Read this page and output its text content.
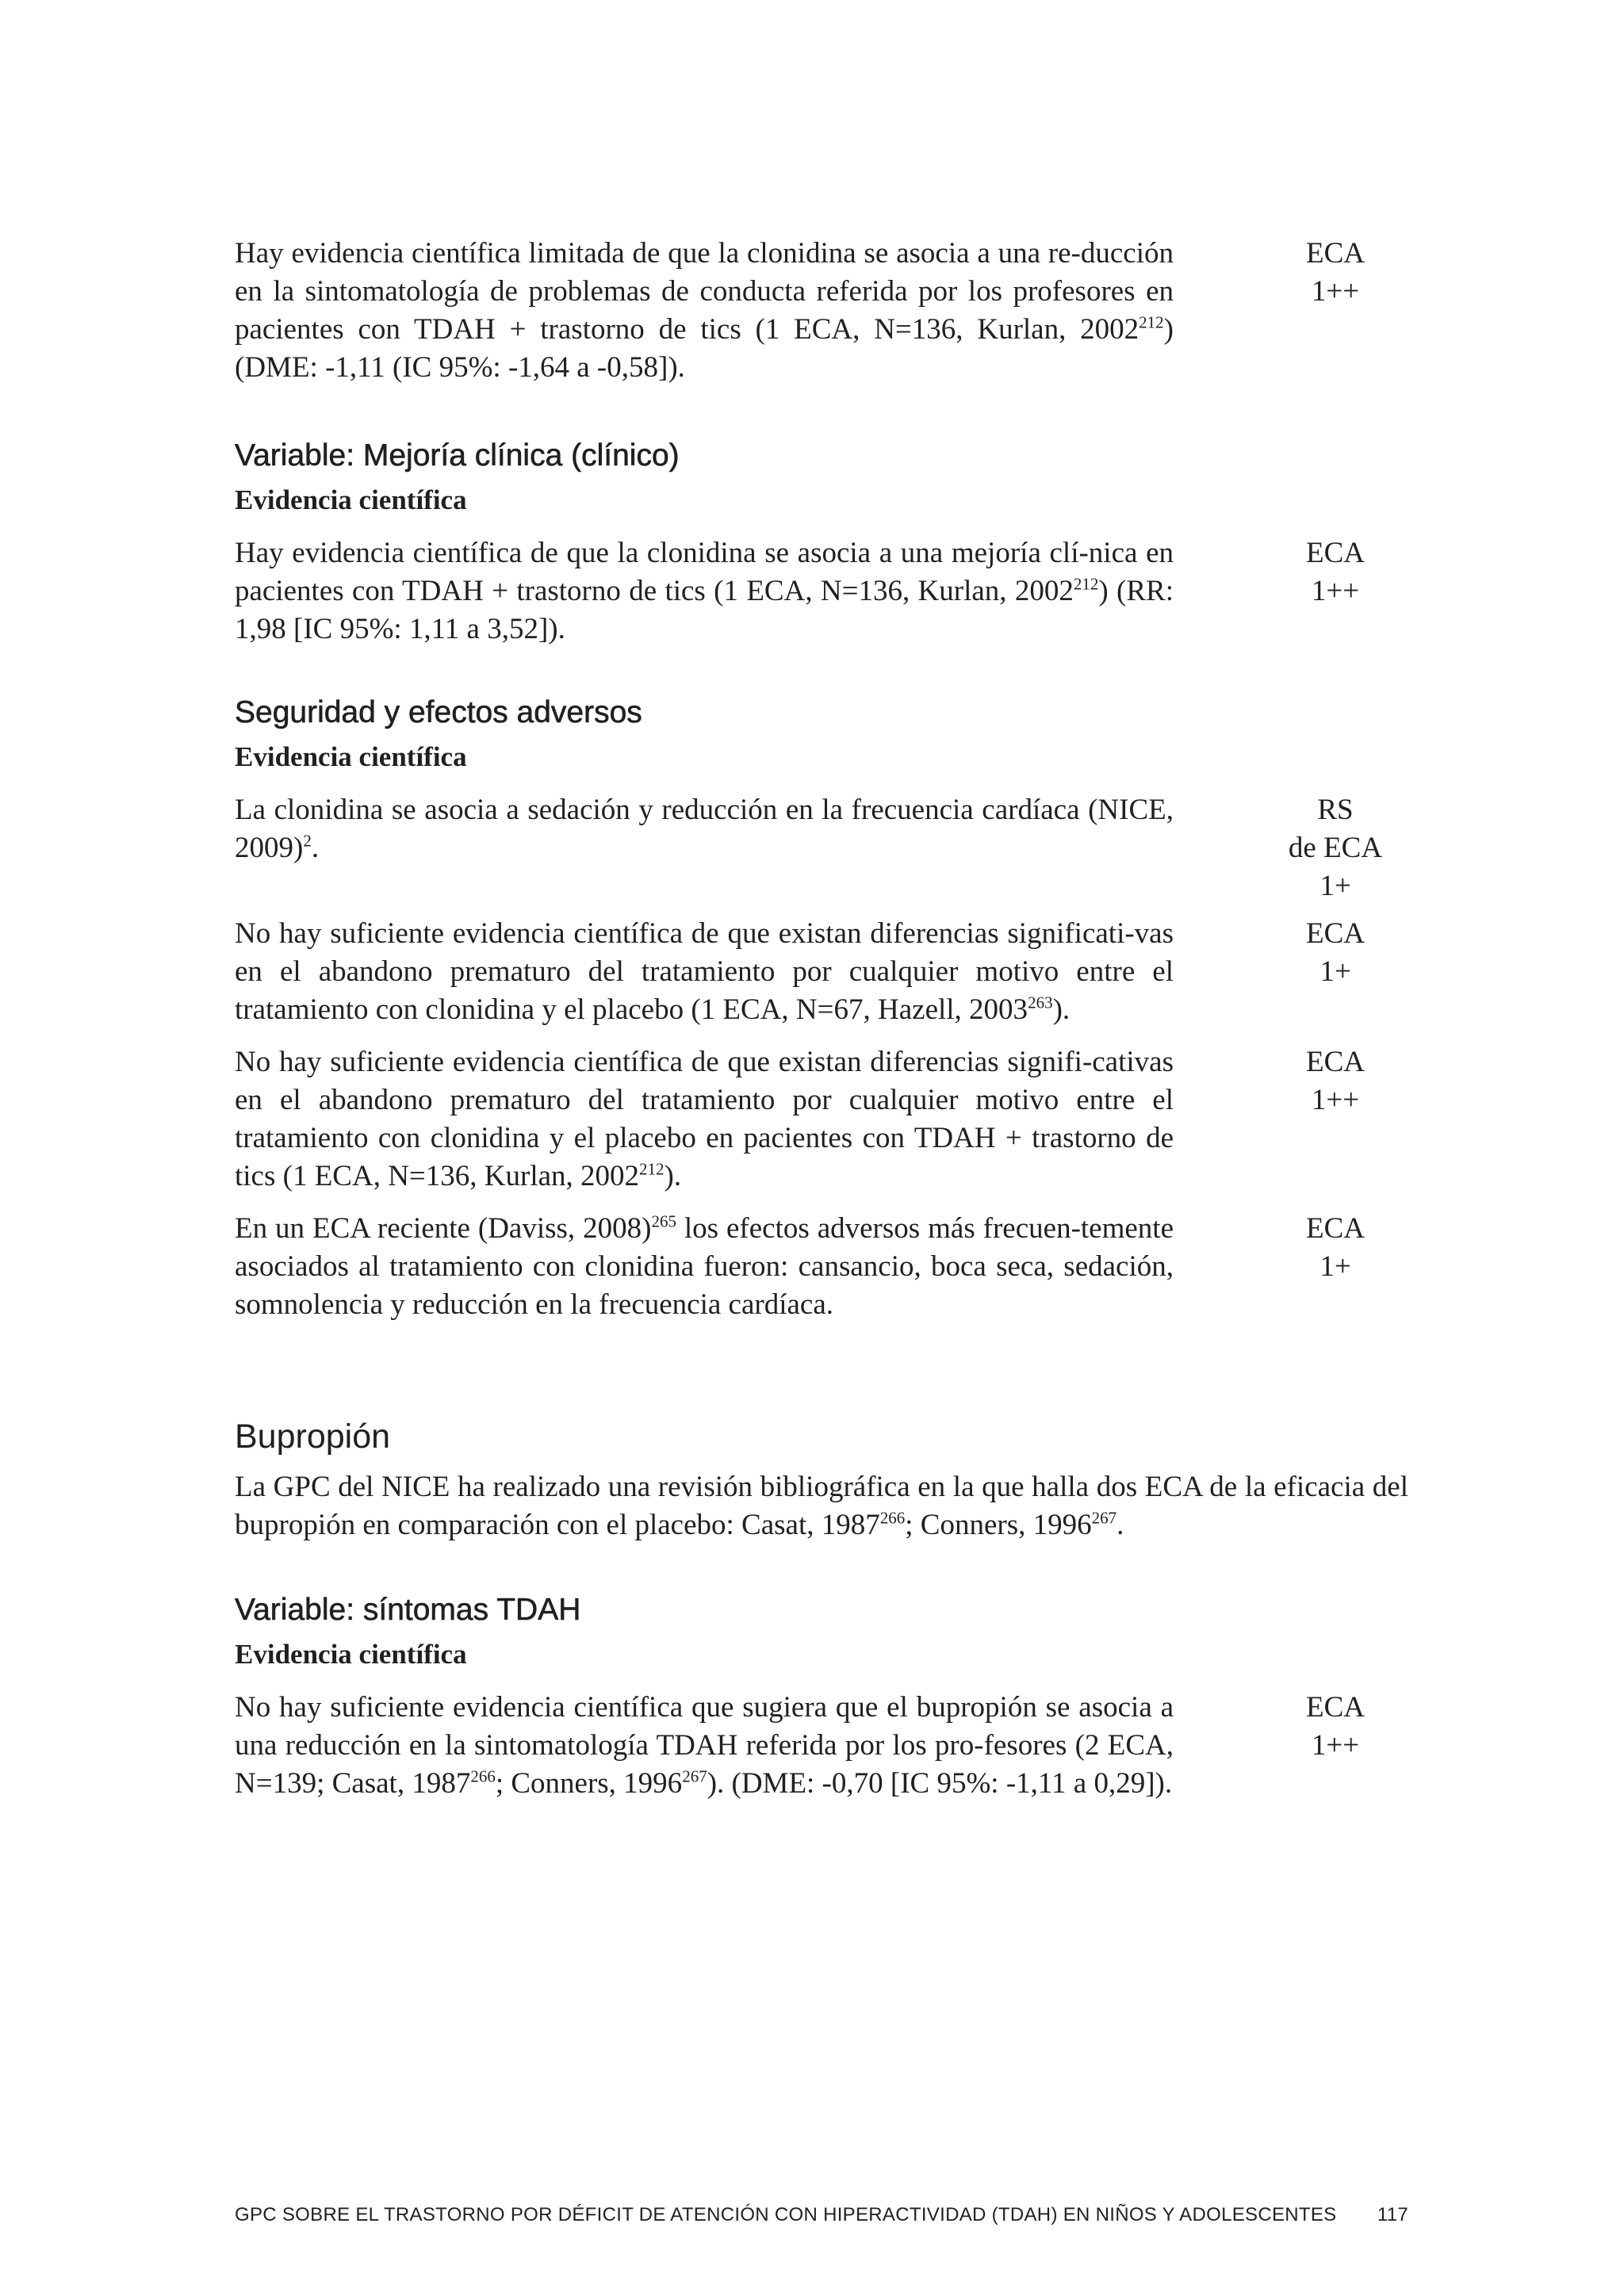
Hay evidencia científica limitada de que la clonidina se asocia a una re-ducción en la sintomatología de problemas de conducta referida por los profesores en pacientes con TDAH + trastorno de tics (1 ECA, N=136, Kurlan, 2002$^{212}$) (DME: -1,11 (IC 95%: -1,64 a -0,58]).
ECA
1++
Variable: Mejoría clínica (clínico)
Evidencia científica
Hay evidencia científica de que la clonidina se asocia a una mejoría clí-nica en pacientes con TDAH + trastorno de tics (1 ECA, N=136, Kurlan, 2002$^{212}$) (RR: 1,98 [IC 95%: 1,11 a 3,52]).
ECA
1++
Seguridad y efectos adversos
Evidencia científica
La clonidina se asocia a sedación y reducción en la frecuencia cardíaca (NICE, 2009)$^2$.
RS
de ECA
1+
No hay suficiente evidencia científica de que existan diferencias significati-vas en el abandono prematuro del tratamiento por cualquier motivo entre el tratamiento con clonidina y el placebo (1 ECA, N=67, Hazell, 2003$^{263}$).
ECA
1+
No hay suficiente evidencia científica de que existan diferencias signifi-cativas en el abandono prematuro del tratamiento por cualquier motivo entre el tratamiento con clonidina y el placebo en pacientes con TDAH + trastorno de tics (1 ECA, N=136, Kurlan, 2002$^{212}$).
ECA
1++
En un ECA reciente (Daviss, 2008)$^{265}$ los efectos adversos más frecuen-temente asociados al tratamiento con clonidina fueron: cansancio, boca seca, sedación, somnolencia y reducción en la frecuencia cardíaca.
ECA
1+
Bupropión
La GPC del NICE ha realizado una revisión bibliográfica en la que halla dos ECA de la eficacia del bupropión en comparación con el placebo: Casat, 1987$^{266}$; Conners, 1996$^{267}$.
Variable: síntomas TDAH
Evidencia científica
No hay suficiente evidencia científica que sugiera que el bupropión se asocia a una reducción en la sintomatología TDAH referida por los pro-fesores (2 ECA, N=139; Casat, 1987$^{266}$; Conners, 1996$^{267}$). (DME: -0,70 [IC 95%: -1,11 a 0,29]).
ECA
1++
GPC SOBRE EL TRASTORNO POR DÉFICIT DE ATENCIÓN CON HIPERACTIVIDAD (TDAH) EN NIÑOS Y ADOLESCENTES 117
